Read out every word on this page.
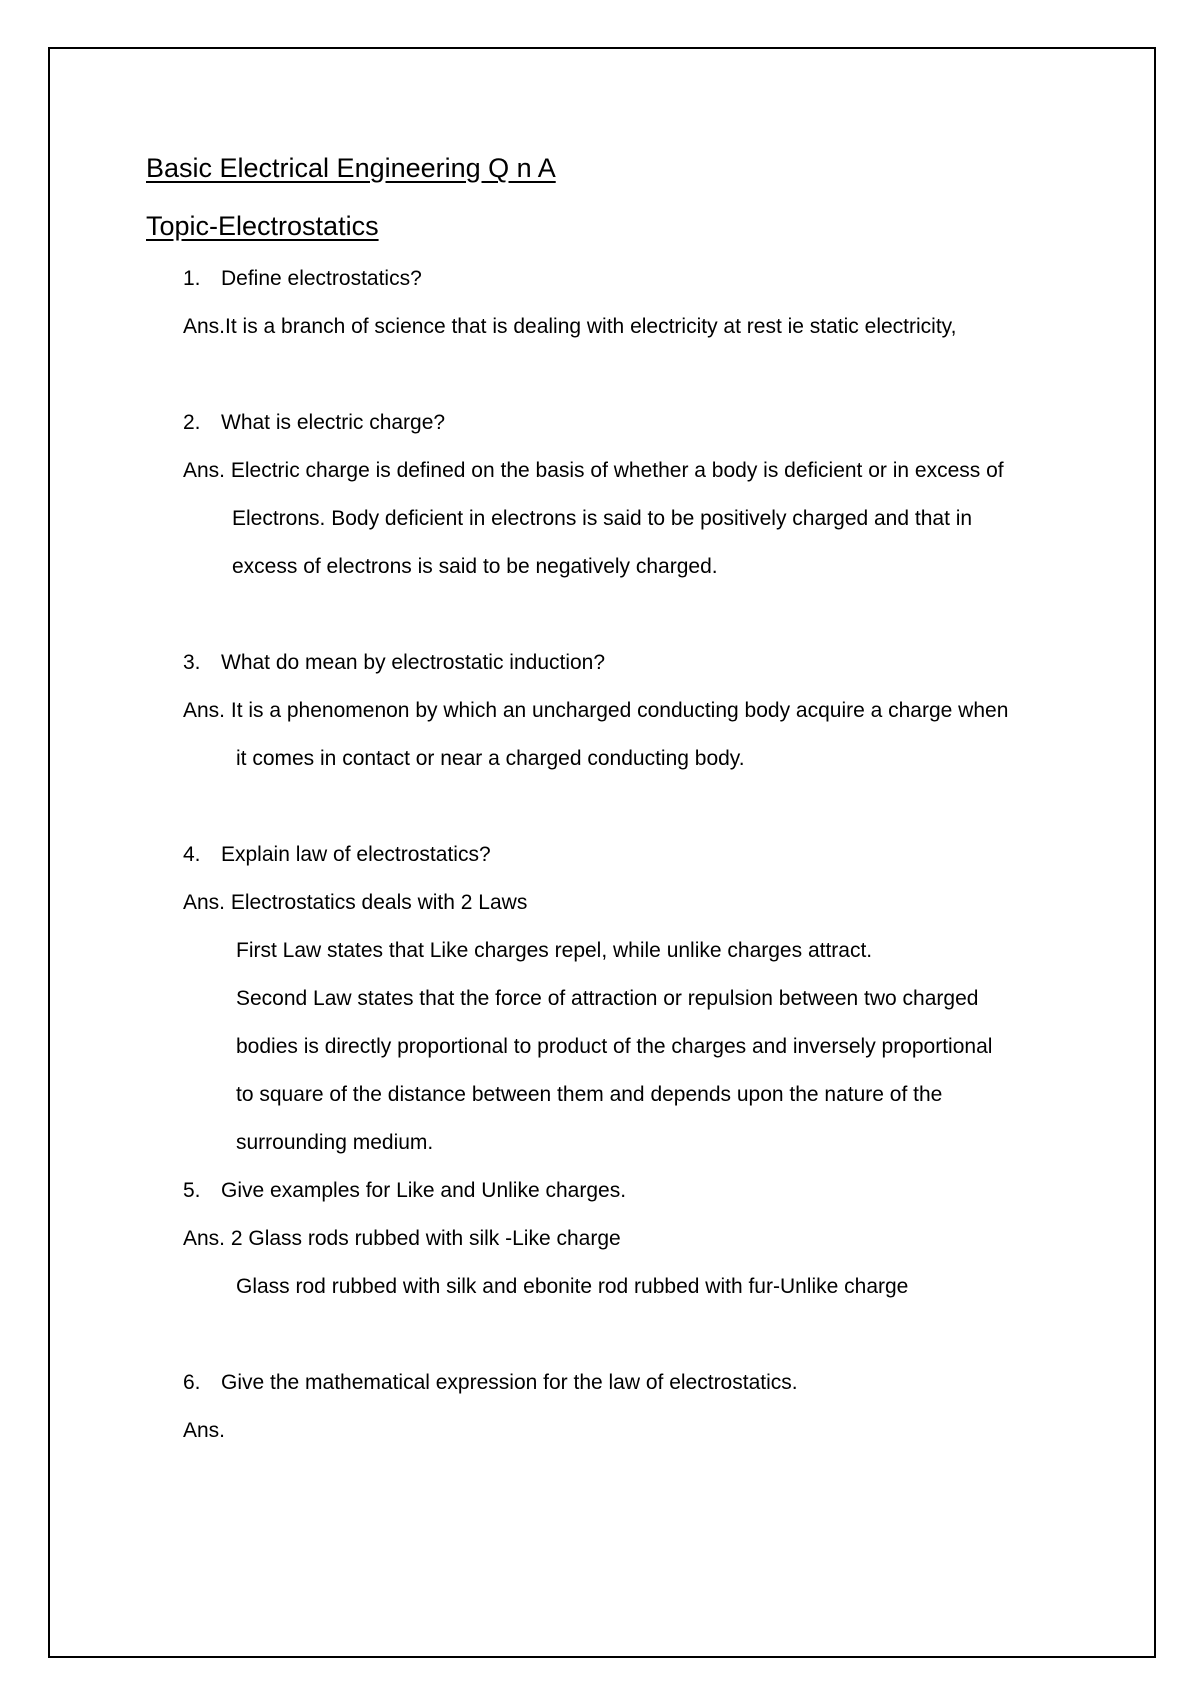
Basic Electrical Engineering Q n A
Topic-Electrostatics
1. Define electrostatics?
Ans.It is a branch of science that is dealing with electricity at rest ie static electricity,
2. What is electric charge?
Ans. Electric charge is defined on the basis of whether a body is deficient or in excess of
Electrons. Body deficient in electrons is said to be positively charged and that in
excess of electrons is said to be negatively charged.
3. What do mean by electrostatic induction?
Ans. It is a phenomenon by which an uncharged conducting body acquire a charge when
it comes in contact or near a charged conducting body.
4. Explain law of electrostatics?
Ans. Electrostatics deals with 2 Laws
First Law states that Like charges repel, while unlike charges attract.
Second Law states that the force of attraction or repulsion between two charged
bodies is directly proportional to product of the charges and inversely proportional
to square of the distance between them and depends upon the nature of the
surrounding medium.
5. Give examples for Like and Unlike charges.
Ans. 2 Glass rods rubbed with silk -Like charge
Glass rod rubbed with silk and ebonite rod rubbed with fur-Unlike charge
6. Give the mathematical expression for the law of electrostatics.
Ans.
